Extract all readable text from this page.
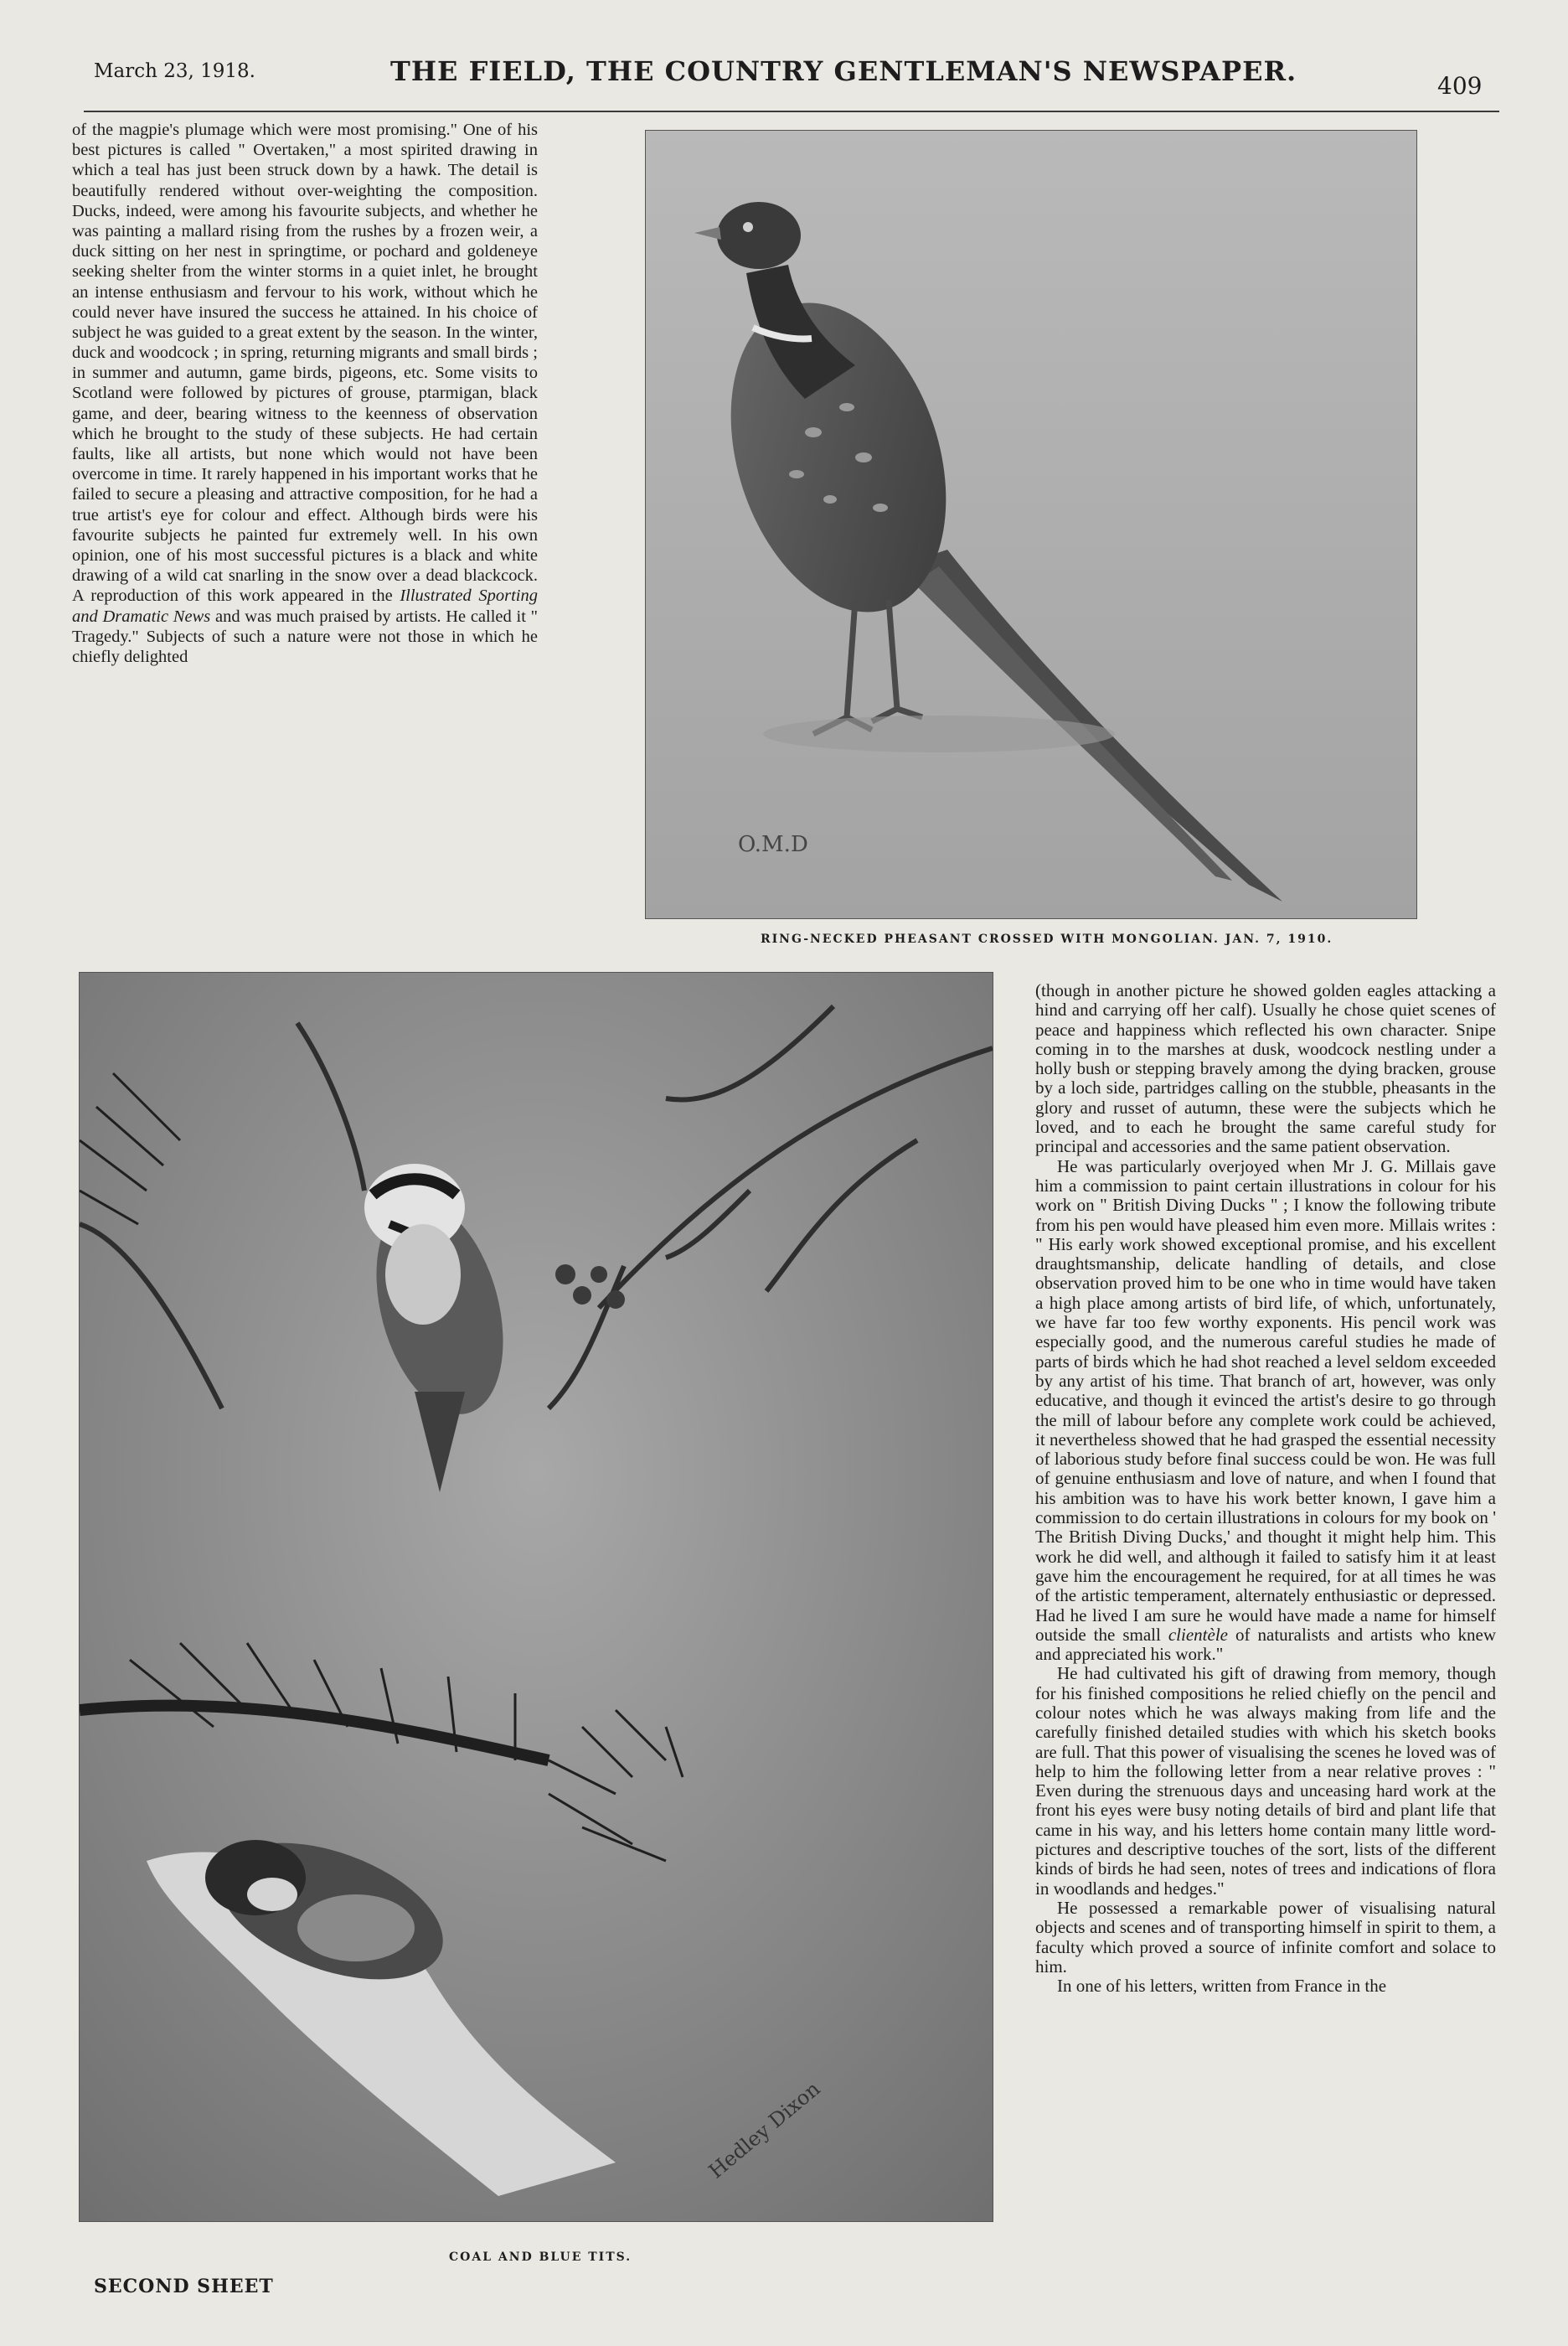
March 23, 1918.	THE FIELD, THE COUNTRY GENTLEMAN'S NEWSPAPER.	409

of the magpie's plumage which were most promising." One of his best pictures is called " Overtaken," a most spirited drawing in which a teal has just been struck down by a hawk. The detail is beautifully rendered without over-weighting the composition. Ducks, indeed, were among his favourite subjects, and whether he was painting a mallard rising from the rushes by a frozen weir, a duck sitting on her nest in springtime, or pochard and goldeneye seeking shelter from the winter storms in a quiet inlet, he brought an intense enthusiasm and fervour to his work, without which he could never have insured the success he attained. In his choice of subject he was guided to a great extent by the season. In the winter, duck and woodcock ; in spring, returning migrants and small birds ; in summer and autumn, game birds, pigeons, etc. Some visits to Scotland were followed by pictures of grouse, ptarmigan, black game, and deer, bearing witness to the keenness of observation which he brought to the study of these subjects. He had certain faults, like all artists, but none which would not have been overcome in time. It rarely happened in his important works that he failed to secure a pleasing and attractive composition, for he had a true artist's eye for colour and effect. Although birds were his favourite subjects he painted fur extremely well. In his own opinion, one of his most successful pictures is a black and white drawing of a wild cat snarling in the snow over a dead blackcock. A reproduction of this work appeared in the Illustrated Sporting and Dramatic News and was much praised by artists. He called it " Tragedy." Subjects of such a nature were not those in which he chiefly delighted

O.M.D
RING-NECKED PHEASANT CROSSED WITH MONGOLIAN. JAN. 7, 1910.
Hedley Dixon
COAL AND BLUE TITS.

(though in another picture he showed golden eagles attacking a hind and carrying off her calf). Usually he chose quiet scenes of peace and happiness which reflected his own character. Snipe coming in to the marshes at dusk, woodcock nestling under a holly bush or stepping bravely among the dying bracken, grouse by a loch side, partridges calling on the stubble, pheasants in the glory and russet of autumn, these were the subjects which he loved, and to each he brought the same careful study for principal and accessories and the same patient observation.

He was particularly overjoyed when Mr J. G. Millais gave him a commission to paint certain illustrations in colour for his work on " British Diving Ducks " ; I know the following tribute from his pen would have pleased him even more. Millais writes : " His early work showed exceptional promise, and his excellent draughtsmanship, delicate handling of details, and close observation proved him to be one who in time would have taken a high place among artists of bird life, of which, unfortunately, we have far too few worthy exponents. His pencil work was especially good, and the numerous careful studies he made of parts of birds which he had shot reached a level seldom exceeded by any artist of his time. That branch of art, however, was only educative, and though it evinced the artist's desire to go through the mill of labour before any complete work could be achieved, it nevertheless showed that he had grasped the essential necessity of laborious study before final success could be won. He was full of genuine enthusiasm and love of nature, and when I found that his ambition was to have his work better known, I gave him a commission to do certain illustrations in colours for my book on ' The British Diving Ducks,' and thought it might help him. This work he did well, and although it failed to satisfy him it at least gave him the encouragement he required, for at all times he was of the artistic temperament, alternately enthusiastic or depressed. Had he lived I am sure he would have made a name for himself outside the small clientèle of naturalists and artists who knew and appreciated his work."

He had cultivated his gift of drawing from memory, though for his finished compositions he relied chiefly on the pencil and colour notes which he was always making from life and the carefully finished detailed studies with which his sketch books are full. That this power of visualising the scenes he loved was of help to him the following letter from a near relative proves : " Even during the strenuous days and unceasing hard work at the front his eyes were busy noting details of bird and plant life that came in his way, and his letters home contain many little word-pictures and descriptive touches of the sort, lists of the different kinds of birds he had seen, notes of trees and indications of flora in woodlands and hedges."

He possessed a remarkable power of visualising natural objects and scenes and of transporting himself in spirit to them, a faculty which proved a source of infinite comfort and solace to him.

In one of his letters, written from France in the

SECOND SHEET
